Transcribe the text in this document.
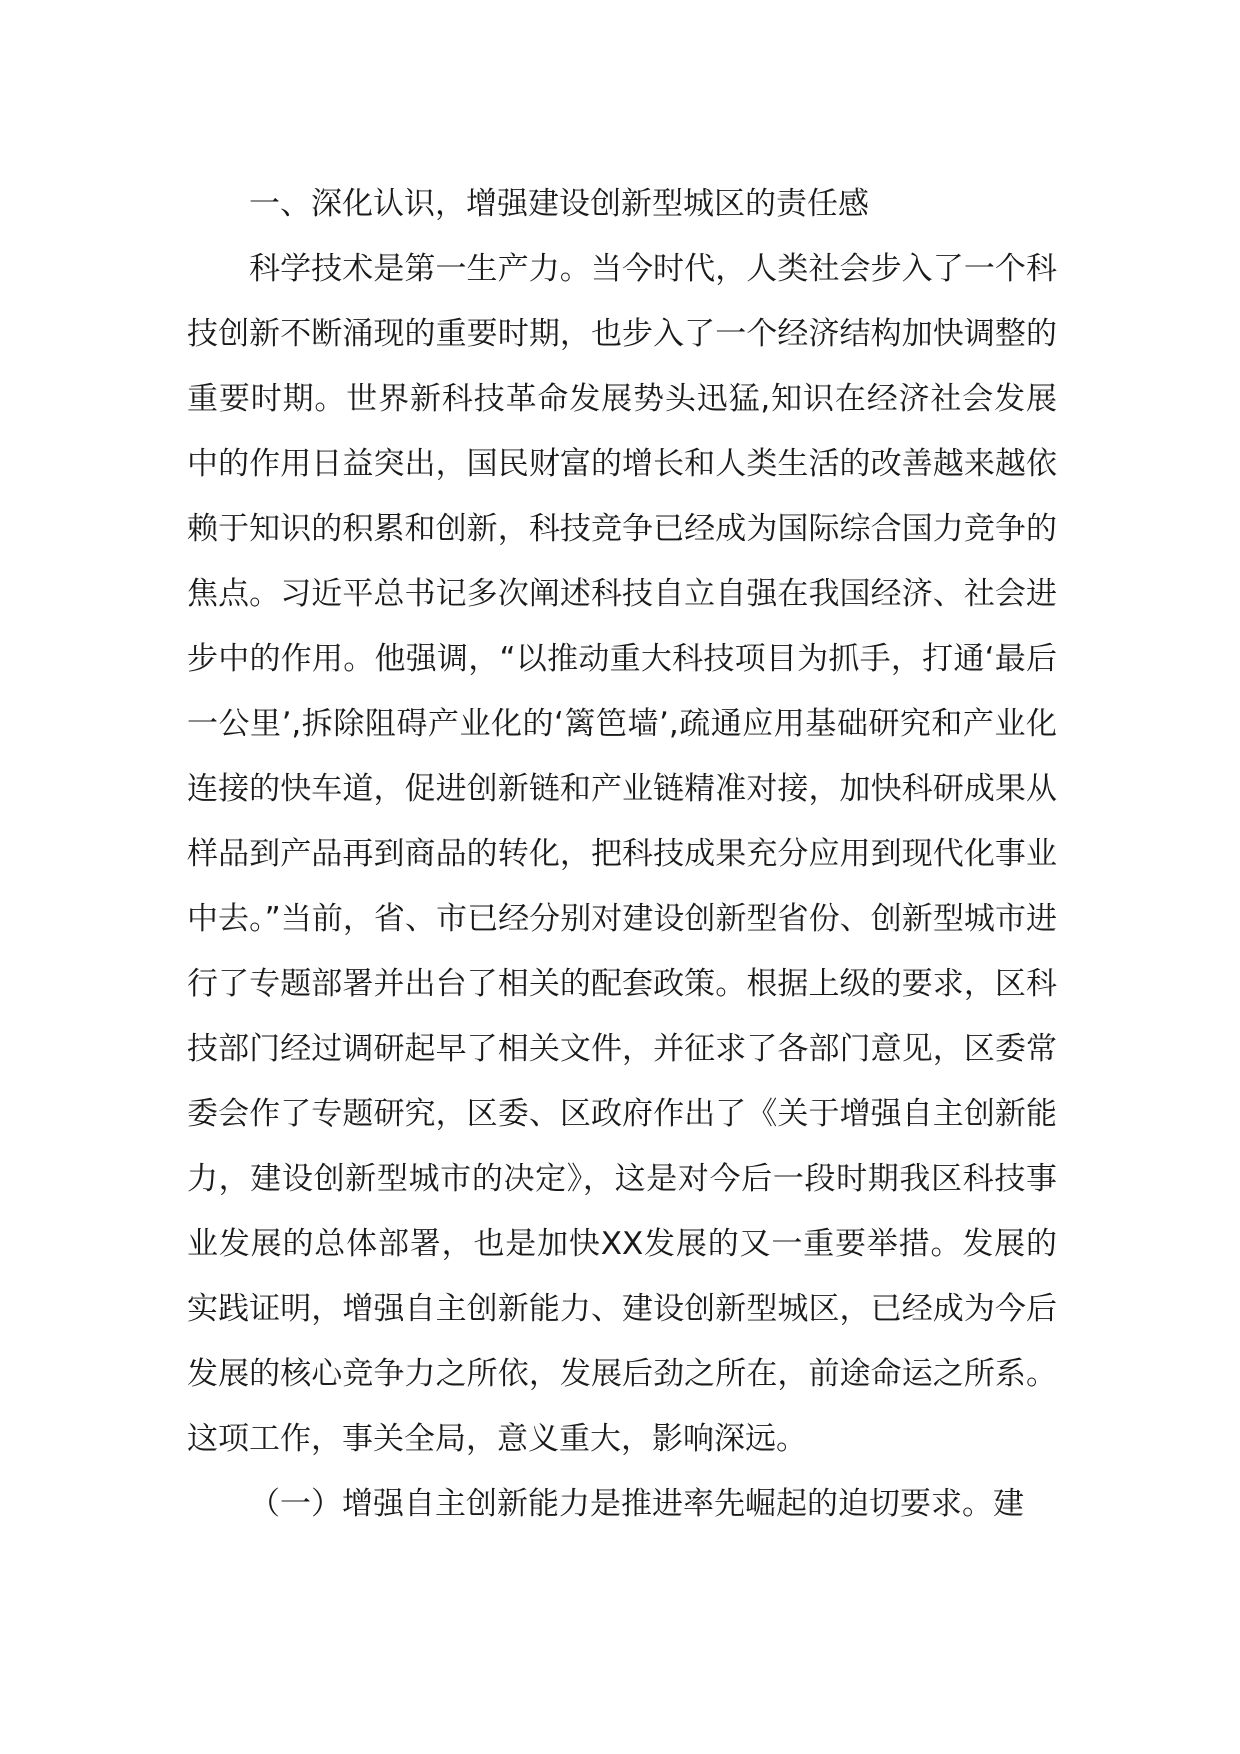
一、深化认识，增强建设创新型城区的责任感

科学技术是第一生产力。当今时代，人类社会步入了一个科技创新不断涌现的重要时期，也步入了一个经济结构加快调整的重要时期。世界新科技革命发展势头迅猛,知识在经济社会发展中的作用日益突出，国民财富的增长和人类生活的改善越来越依赖于知识的积累和创新，科技竞争已经成为国际综合国力竞争的焦点。习近平总书记多次阐述科技自立自强在我国经济、社会进步中的作用。他强调，“以推动重大科技项目为抓手，打通‘最后一公里’,拆除阻碍产业化的‘篱笆墙’,疏通应用基础研究和产业化连接的快车道，促进创新链和产业链精准对接，加快科研成果从样品到产品再到商品的转化，把科技成果充分应用到现代化事业中去。”当前，省、市已经分别对建设创新型省份、创新型城市进行了专题部署并出台了相关的配套政策。根据上级的要求，区科技部门经过调研起早了相关文件，并征求了各部门意见，区委常委会作了专题研究，区委、区政府作出了《关于增强自主创新能力，建设创新型城市的决定》，这是对今后一段时期我区科技事业发展的总体部署，也是加快XX发展的又一重要举措。发展的实践证明，增强自主创新能力、建设创新型城区，已经成为今后发展的核心竞争力之所依，发展后劲之所在，前途命运之所系。这项工作，事关全局，意义重大，影响深远。

（一）增强自主创新能力是推进率先崛起的迫切要求。建
